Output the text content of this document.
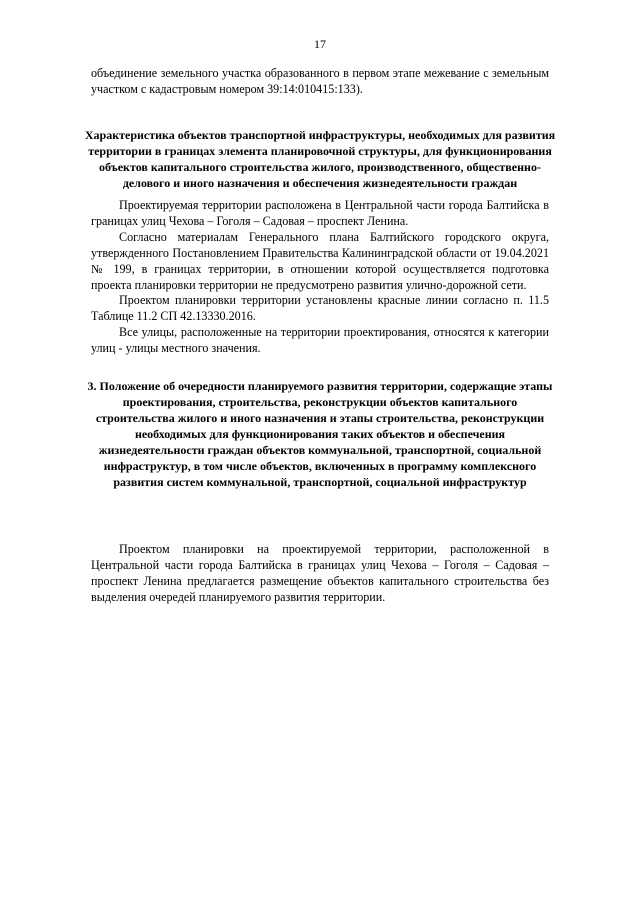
17

объединение земельного участка образованного в первом этапе межевание с земельным участком с кадастровым номером 39:14:010415:133).

Характеристика объектов транспортной инфраструктуры, необходимых для развития территории в границах элемента планировочной структуры, для функционирования объектов капитального строительства жилого, производственного, общественно-делового и иного назначения и обеспечения жизнедеятельности граждан

Проектируемая территории расположена в Центральной части города Балтийска в границах улиц Чехова – Гоголя – Садовая – проспект Ленина.

Согласно материалам Генерального плана Балтийского городского округа, утвержденного Постановлением Правительства Калининградской области от 19.04.2021 № 199, в границах территории, в отношении которой осуществляется подготовка проекта планировки территории не предусмотрено развития улично-дорожной сети.

Проектом планировки территории установлены красные линии согласно п. 11.5 Таблице 11.2 СП 42.13330.2016.

Все улицы, расположенные на территории проектирования, относятся к категории улиц - улицы местного значения.

3. Положение об очередности планируемого развития территории, содержащие этапы проектирования, строительства, реконструкции объектов капитального строительства жилого и иного назначения и этапы строительства, реконструкции необходимых для функционирования таких объектов и обеспечения жизнедеятельности граждан объектов коммунальной, транспортной, социальной инфраструктур, в том числе объектов, включенных в программу комплексного развития систем коммунальной, транспортной, социальной инфраструктур

Проектом планировки на проектируемой территории, расположенной в Центральной части города Балтийска в границах улиц Чехова – Гоголя – Садовая – проспект Ленина предлагается размещение объектов капитального строительства без выделения очередей планируемого развития территории.
